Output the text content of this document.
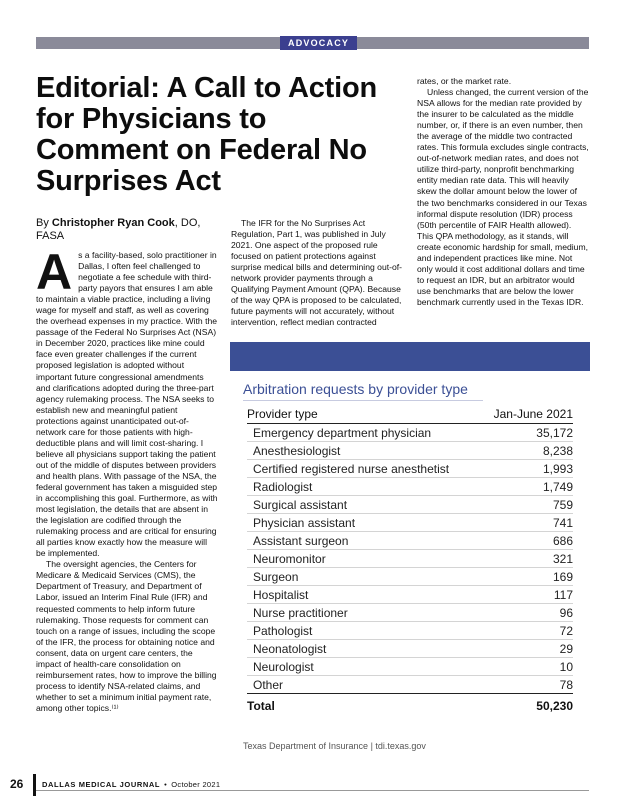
ADVOCACY
Editorial: A Call to Action for Physicians to Comment on Federal No Surprises Act
By Christopher Ryan Cook, DO, FASA

As a facility-based, solo practitioner in Dallas, I often feel challenged to negotiate a fee schedule with third-party payors that ensures I am able to maintain a viable practice, including a living wage for myself and staff, as well as covering the overhead expenses in my practice. With the passage of the Federal No Surprises Act (NSA) in December 2020, practices like mine could face even greater challenges if the current proposed legislation is adopted without important future congressional amendments and clarifications adopted during the three-part agency rulemaking process. The NSA seeks to establish new and meaningful patient protections against unanticipated out-of-network care for those patients with high-deductible plans and will limit cost-sharing. I believe all physicians support taking the patient out of the middle of disputes between providers and health plans. With passage of the NSA, the federal government has taken a misguided step in accomplishing this goal. Furthermore, as with most legislation, the details that are absent in the legislation are codified through the rulemaking process and are critical for ensuring all parties know exactly how the measure will be implemented.

The oversight agencies, the Centers for Medicare & Medicaid Services (CMS), the Department of Treasury, and Department of Labor, issued an Interim Final Rule (IFR) and requested comments to help inform future rulemaking. Those requests for comment can touch on a range of issues, including the scope of the IFR, the process for obtaining notice and consent, data on urgent care centers, the impact of health-care consolidation on reimbursement rates, how to improve the billing process to identify NSA-related claims, and whether to set a minimum initial payment rate, among other topics.⁽¹⁾

The IFR for the No Surprises Act Regulation, Part 1, was published in July 2021. One aspect of the proposed rule focused on patient protections against surprise medical bills and determining out-of-network provider payments through a Qualifying Payment Amount (QPA). Because of the way QPA is proposed to be calculated, future payments will not accurately, without intervention, reflect median contracted

rates, or the market rate.

Unless changed, the current version of the NSA allows for the median rate provided by the insurer to be calculated as the middle number, or, if there is an even number, then the average of the middle two contracted rates. This formula excludes single contracts, out-of-network median rates, and does not utilize third-party, nonprofit benchmarking entity median rate data. This will heavily skew the dollar amount below the lower of the two benchmarks considered in our Texas informal dispute resolution (IDR) process (50th percentile of FAIR Health allowed). This QPA methodology, as it stands, will create economic hardship for small, medium, and independent practices like mine. Not only would it cost additional dollars and time to request an IDR, but an arbitrator would use benchmarks that are below the lower benchmark currently used in the Texas IDR.

Arbitration requests by provider type
Provider type	Jan-June 2021
Emergency department physician	35,172
Anesthesiologist	8,238
Certified registered nurse anesthetist	1,993
Radiologist	1,749
Surgical assistant	759
Physician assistant	741
Assistant surgeon	686
Neuromonitor	321
Surgeon	169
Hospitalist	117
Nurse practitioner	96
Pathologist	72
Neonatologist	29
Neurologist	10
Other	78
Total	50,230
Texas Department of Insurance | tdi.texas.gov
26 DALLAS MEDICAL JOURNAL • October 2021
